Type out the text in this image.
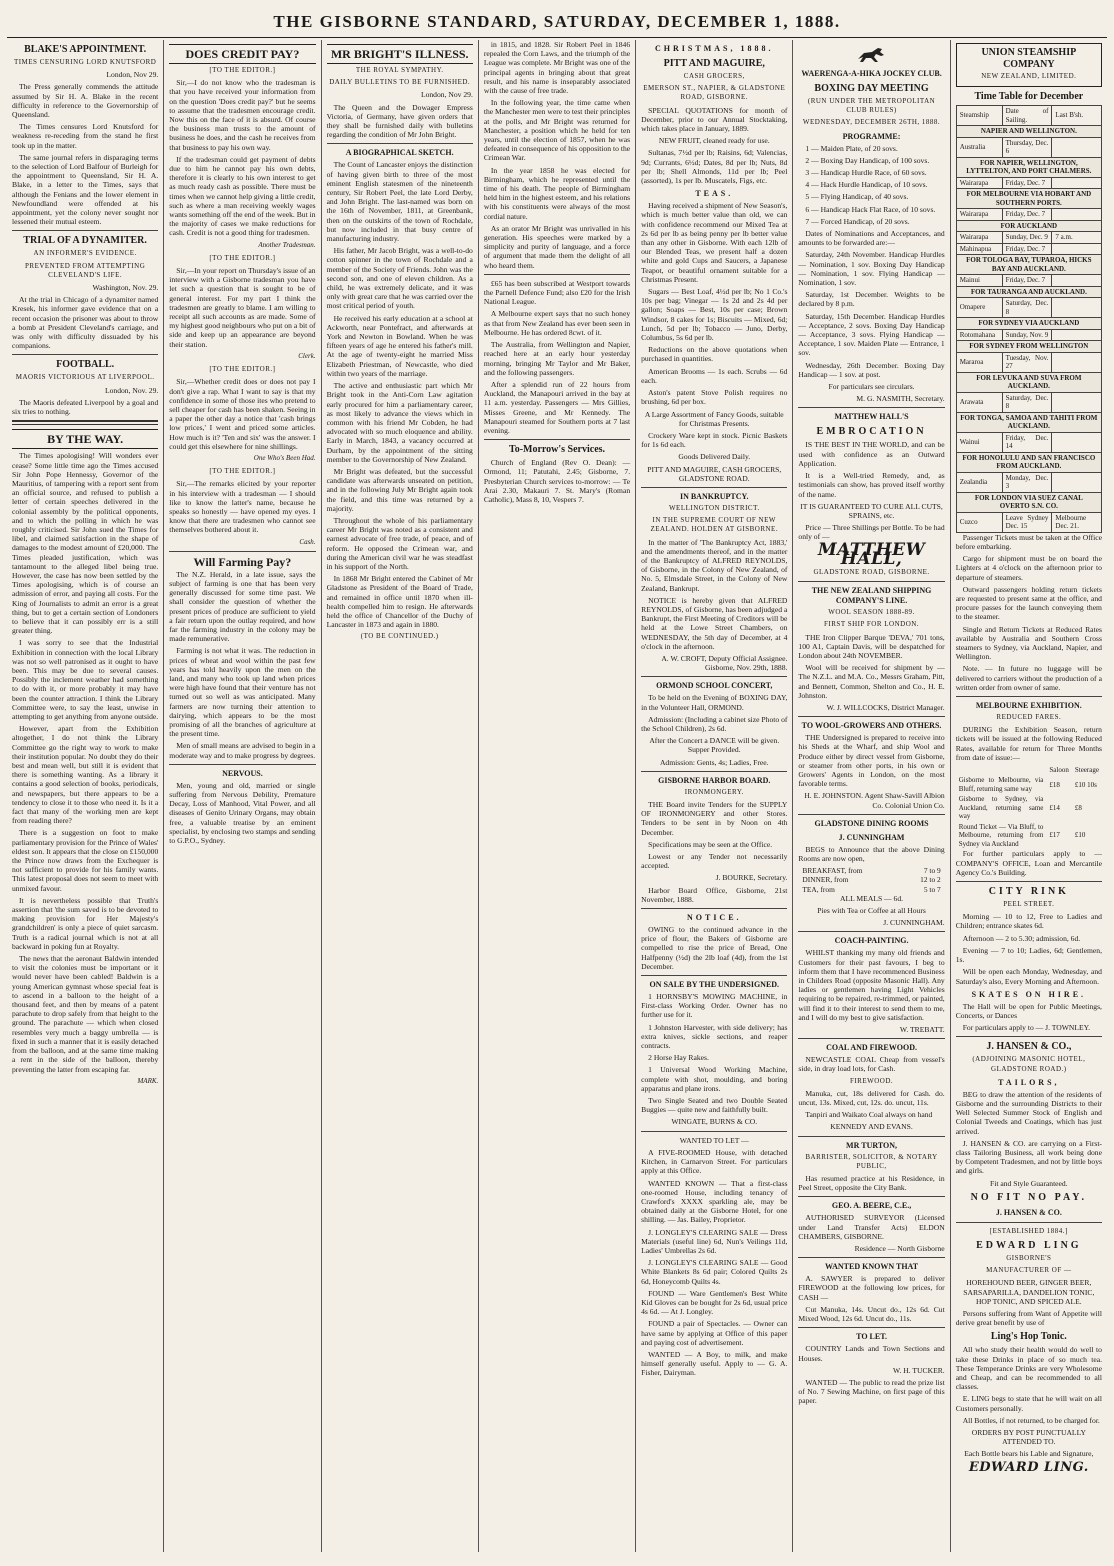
THE GISBORNE STANDARD, SATURDAY, DECEMBER 1, 1888.
BLAKE'S APPOINTMENT.
TIMES CENSURING LORD KNUTSFORD

London, Nov 29.

The Press generally commends the attitude assumed by Sir H. A. Blake in the recent difficulty in reference to the Governorship of Queensland.

The Times censures Lord Knutsford for weakness re-receding from the stand he first took up in the matter.

The same journal refers in disparaging terms to the selection of Lord Balfour of Burleigh for the appointment to Queensland, Sir H. A. Blake, in a letter to the Times, says that although the Fenians and the lower element in Newfoundland were offended at his appointment, yet the colony never sought nor lessened their mutual esteem.

TRIAL OF A DYNAMITER.
AN INFORMER'S EVIDENCE.
PREVENTED FROM ATTEMPTING CLEVELAND'S LIFE.

Washington, Nov. 29.

At the trial in Chicago of a dynamiter named Kresek, his informer gave evidence that on a recent occasion the prisoner was about to throw a bomb at President Cleveland's carriage, and was only with difficulty dissuaded by his companions.

FOOTBALL.
MAORIS VICTORIOUS AT LIVERPOOL.

London, Nov. 29.

The Maoris defeated Liverpool by a goal and six tries to nothing.

BY THE WAY.

The Times apologising! Will wonders ever cease? Some little time ago the Times accused Sir John Pope Hennessy, Governor of the Mauritius, of tampering with a report sent from an official source, and refused to publish a letter of certain speeches delivered in the colonial assembly by the political opponents, and to which the polling in which he was roughly criticised. Sir John sued the Times for libel, and claimed satisfaction in the shape of damages to the modest amount of £20,000. The Times pleaded justification, which was tantamount to the alleged libel being true. However, the case has now been settled by the Times apologising, which is of course an admission of error, and paying all costs. For the King of Journalists to admit an error is a great thing, but to get a certain section of Londoners to believe that it can possibly err is a still greater thing.

I was sorry to see that the Industrial Exhibition in connection with the local Library was not so well patronised as it ought to have been. This may be due to several causes. Possibly the inclement weather had something to do with it, or more probably it may have been the counter attraction. I think the Library Committee were, to say the least, unwise in attempting to get anything from anyone outside.

However, apart from the Exhibition altogether, I do not think the Library Committee go the right way to work to make their institution popular. No doubt they do their best and mean well, but still it is evident that there is something wanting. As a library it contains a good selection of books, periodicals, and newspapers, but there appears to be a tendency to close it to those who need it. Is it a fact that many of the working men are kept from reading there?

There is a suggestion on foot to make parliamentary provision for the Prince of Wales' eldest son. It appears that the close on £150,000 the Prince now draws from the Exchequer is not sufficient to provide for his family wants. This latest proposal does not seem to meet with unmixed favour.

It is nevertheless possible that Truth's assertion that 'the sum saved is to be devoted to making provision for Her Majesty's grandchildren' is only a piece of quiet sarcasm. Truth is a radical journal which is not at all backward in poking fun at Royalty.

The news that the aeronaut Baldwin intended to visit the colonies must be important or it would never have been cabled! Baldwin is a young American gymnast whose special feat is to ascend in a balloon to the height of a thousand feet, and then by means of a patent parachute to drop safely from that height to the ground. The parachute — which when closed resembles very much a baggy umbrella — is fixed in such a manner that it is easily detached from the balloon, and at the same time making a rent in the side of the balloon, thereby preventing the latter from escaping far.

MARK.
DOES CREDIT PAY?
[TO THE EDITOR.]

Sir,—I do not know who the tradesman is that you have received your information from on the question 'Does credit pay?' but he seems to assume that the tradesmen encourage credit. Now this on the face of it is absurd. Of course the business man trusts to the amount of business he does, and the cash he receives from that business to pay his own way.

If the tradesman could get payment of debts due to him he cannot pay his own debts, therefore it is clearly to his own interest to get as much ready cash as possible. There must be times when we cannot help giving a little credit, such as where a man receiving weekly wages wants something off the end of the week. But in the majority of cases we make reductions for cash. Credit is not a good thing for tradesmen.

Another Tradesman.
[TO THE EDITOR.]

Sir,—In your report on Thursday's issue of an interview with a Gisborne tradesman you have let such a question that is sought to be of general interest. For my part I think the tradesmen are greatly to blame. I am willing to receipt all such accounts as are made. Some of my highest good neighbours who put on a bit of side and keep up an appearance are beyond their station.

Clerk.
[TO THE EDITOR.]

Sir,—Whether credit does or does not pay I don't give a rap. What I want to say is that my confidence in some of those ites who pretend to sell cheaper for cash has been shaken. Seeing in a paper the other day a notice that 'cash brings low prices,' I went and priced some articles. How much is it? 'Ten and six' was the answer. I could get this elsewhere for nine shillings.

One Who's Been Had.
[TO THE EDITOR.]

Sir,—The remarks elicited by your reporter in his interview with a tradesman — I should like to know the latter's name, because he speaks so honestly — have opened my eyes. I know that there are tradesmen who cannot see themselves bothered about it.

Cash.
Will Farming Pay?

The N.Z. Herald, in a late issue, says the subject of farming is one that has been very generally discussed for some time past. We shall consider the question of whether the present prices of produce are sufficient to yield a fair return upon the outlay required, and how far the farming industry in the colony may be made remunerative.

Farming is not what it was. The reduction in prices of wheat and wool within the past few years has told heavily upon the men on the land, and many who took up land when prices were high have found that their venture has not turned out so well as was anticipated. Many farmers are now turning their attention to dairying, which appears to be the most promising of all the branches of agriculture at the present time.

Men of small means are advised to begin in a moderate way and to make progress by degrees.

NERVOUS.

Men, young and old, married or single suffering from Nervous Debility, Premature Decay, Loss of Manhood, Vital Power, and all diseases of Genito Urinary Organs, may obtain free, a valuable treatise by an eminent specialist, by enclosing two stamps and sending to G.P.O., Sydney.

MR BRIGHT'S ILLNESS.
THE ROYAL SYMPATHY.
DAILY BULLETINS TO BE FURNISHED.

London, Nov 29.

The Queen and the Dowager Empress Victoria, of Germany, have given orders that they shall be furnished daily with bulletins regarding the condition of Mr John Bright.

A BIOGRAPHICAL SKETCH.

The Count of Lancaster enjoys the distinction of having given birth to three of the most eminent English statesmen of the nineteenth century, Sir Robert Peel, the late Lord Derby, and John Bright. The last-named was born on the 16th of November, 1811, at Greenbank, then on the outskirts of the town of Rochdale, but now included in that busy centre of manufacturing industry.

His father, Mr Jacob Bright, was a well-to-do cotton spinner in the town of Rochdale and a member of the Society of Friends. John was the second son, and one of eleven children. As a child, he was extremely delicate, and it was only with great care that he was carried over the most critical period of youth.

He received his early education at a school at Ackworth, near Pontefract, and afterwards at York and Newton in Bowland. When he was fifteen years of age he entered his father's mill. At the age of twenty-eight he married Miss Elizabeth Priestman, of Newcastle, who died within two years of the marriage.

The active and enthusiastic part which Mr Bright took in the Anti-Corn Law agitation early procured for him a parliamentary career, as most likely to advance the views which in common with his friend Mr Cobden, he had advocated with so much eloquence and ability. Early in March, 1843, a vacancy occurred at Durham, by the appointment of the sitting member to the Governorship of New Zealand.

Mr Bright was defeated, but the successful candidate was afterwards unseated on petition, and in the following July Mr Bright again took the field, and this time was returned by a majority.

Throughout the whole of his parliamentary career Mr Bright was noted as a consistent and earnest advocate of free trade, of peace, and of reform. He opposed the Crimean war, and during the American civil war he was steadfast in his support of the North.

In 1868 Mr Bright entered the Cabinet of Mr Gladstone as President of the Board of Trade, and remained in office until 1870 when ill-health compelled him to resign. He afterwards held the office of Chancellor of the Duchy of Lancaster in 1873 and again in 1880.

(TO BE CONTINUED.)

in 1815, and 1828. Sir Robert Peel in 1846 repealed the Corn Laws, and the triumph of the League was complete. Mr Bright was one of the principal agents in bringing about that great result, and his name is inseparably associated with the cause of free trade.

In the following year, the time came when the Manchester men were to test their principles at the polls, and Mr Bright was returned for Manchester, a position which he held for ten years, until the election of 1857, when he was defeated in consequence of his opposition to the Crimean War.

In the year 1858 he was elected for Birmingham, which he represented until the time of his death. The people of Birmingham held him in the highest esteem, and his relations with his constituents were always of the most cordial nature.

As an orator Mr Bright was unrivalled in his generation. His speeches were marked by a simplicity and purity of language, and a force of argument that made them the delight of all who heard them.

£65 has been subscribed at Westport towards the Parnell Defence Fund; also £20 for the Irish National League.

A Melbourne expert says that no such honey as that from New Zealand has ever been seen in Melbourne. He has ordered 8cwt. of it.

The Australia, from Wellington and Napier, reached here at an early hour yesterday morning, bringing Mr Taylor and Mr Baker, and the following passengers.

After a splendid run of 22 hours from Auckland, the Manapouri arrived in the bay at 11 a.m. yesterday. Passengers — Mrs Gillies, Misses Greene, and Mr Kennedy. The Manapouri steamed for Southern ports at 7 last evening.

To-Morrow's Services.

Church of England (Rev O. Dean): — Ormond, 11; Patutahi, 2.45; Gisborne, 7. Presbyterian Church services to-morrow: — Te Arai 2.30, Makauri 7. St. Mary's (Roman Catholic), Mass 8, 10, Vespers 7.

CHRISTMAS, 1888.
PITT AND MAGUIRE,
CASH GROCERS,
EMERSON ST., NAPIER, & GLADSTONE ROAD, GISBORNE.

SPECIAL QUOTATIONS for month of December, prior to our Annual Stocktaking, which takes place in January, 1889.

NEW FRUIT, cleaned ready for use.

Sultanas, 7½d per lb; Raisins, 6d; Valencias, 9d; Currants, 6½d; Dates, 8d per lb; Nuts, 8d per lb; Shell Almonds, 11d per lb; Peel (assorted), 1s per lb. Muscatels, Figs, etc.

TEAS.

Having received a shipment of New Season's, which is much better value than old, we can with confidence recommend our Mixed Tea at 2s 6d per lb as being penny per lb better value than any other in Gisborne. With each 12lb of our Blended Teas, we present half a dozen white and gold Cups and Saucers, a Japanese Teapot, or beautiful ornament suitable for a Christmas Present.

Sugars — Best Loaf, 4½d per lb; No 1 Co.'s 10s per bag; Vinegar — 1s 2d and 2s 4d per gallon; Soaps — Best, 10s per case; Brown Windsor, 8 cakes for 1s; Biscuits — Mixed, 6d; Lunch, 5d per lb; Tobacco — Juno, Derby, Columbus, 5s 6d per lb.

Reductions on the above quotations when purchased in quantities.

American Brooms — 1s each. Scrubs — 6d each.

Aston's patent Stove Polish requires no brushing, 6d per box.

A Large Assortment of Fancy Goods, suitable for Christmas Presents.

Crockery Ware kept in stock. Picnic Baskets for 1s 6d each.

Goods Delivered Daily.

PITT AND MAGUIRE, CASH GROCERS, GLADSTONE ROAD.

IN BANKRUPTCY.
WELLINGTON DISTRICT.
IN THE SUPREME COURT OF NEW ZEALAND. HOLDEN AT GISBORNE.

In the matter of 'The Bankruptcy Act, 1883,' and the amendments thereof, and in the matter of the Bankruptcy of ALFRED REYNOLDS, of Gisborne, in the Colony of New Zealand, of No. 5, Elmsdale Street, in the Colony of New Zealand, Bankrupt.

NOTICE is hereby given that ALFRED REYNOLDS, of Gisborne, has been adjudged a Bankrupt, the First Meeting of Creditors will be held at the Lowe Street Chambers, on WEDNESDAY, the 5th day of December, at 4 o'clock in the afternoon.

A. W. CROFT, Deputy Official Assignee. Gisborne, Nov. 29th, 1888.

ORMOND SCHOOL CONCERT,

To be held on the Evening of BOXING DAY, in the Volunteer Hall, ORMOND.

Admission: (Including a cabinet size Photo of the School Children), 2s 6d.

After the Concert a DANCE will be given. Supper Provided.

Admission: Gents, 4s; Ladies, Free.

GISBORNE HARBOR BOARD.
IRONMONGERY.

THE Board invite Tenders for the SUPPLY OF IRONMONGERY and other Stores. Tenders to be sent in by Noon on 4th December.

Specifications may be seen at the Office.

Lowest or any Tender not necessarily accepted.

J. BOURKE, Secretary.

Harbor Board Office, Gisborne, 21st November, 1888.

NOTICE.

OWING to the continued advance in the price of flour, the Bakers of Gisborne are compelled to rise the price of Bread, One Halfpenny (½d) the 2lb loaf (4d), from the 1st December.

ON SALE BY THE UNDERSIGNED.

1 HORNSBY'S MOWING MACHINE, in First-class Working Order. Owner has no further use for it.

1 Johnston Harvester, with side delivery; has extra knives, sickle sections, and reaper contracts.

2 Horse Hay Rakes.

1 Universal Wood Working Machine, complete with shot, moulding, and boring apparatus and plane irons.

Two Single Seated and two Double Seated Buggies — quite new and faithfully built.

WINGATE, BURNS & CO.

WANTED TO LET —

A FIVE-ROOMED House, with detached Kitchen, in Carnarvon Street. For particulars apply at this Office.

WANTED KNOWN — That a first-class one-roomed House, including tenancy of Crawford's XXXX sparkling ale, may be obtained daily at the Gisborne Hotel, for one shilling. — Jas. Bailey, Proprietor.

J. LONGLEY'S CLEARING SALE — Dress Materials (useful line) 6d, Nun's Veilings 11d, Ladies' Umbrellas 2s 6d.

J. LONGLEY'S CLEARING SALE — Good White Blankets 8s 6d pair; Colored Quilts 2s 6d, Honeycomb Quilts 4s.

FOUND — Ware Gentlemen's Best White Kid Gloves can be bought for 2s 6d, usual price 4s 6d. — At J. Longley.

FOUND a pair of Spectacles. — Owner can have same by applying at Office of this paper and paying cost of advertisement.

WANTED — A Boy, to milk, and make himself generally useful. Apply to — G. A. Fisher, Dairyman.

WAERENGA-A-HIKA JOCKEY CLUB.
BOXING DAY MEETING
(RUN UNDER THE METROPOLITAN CLUB RULES)
WEDNESDAY, DECEMBER 26TH, 1888.
PROGRAMME:

1 — Maiden Plate, of 20 sovs.

2 — Boxing Day Handicap, of 100 sovs.

3 — Handicap Hurdle Race, of 60 sovs.

4 — Hack Hurdle Handicap, of 10 sovs.

5 — Flying Handicap, of 40 sovs.

6 — Handicap Hack Flat Race, of 10 sovs.

7 — Forced Handicap, of 20 sovs.

Dates of Nominations and Acceptances, and amounts to be forwarded are:—

Saturday, 24th November. Handicap Hurdles — Nomination, 1 sov. Boxing Day Handicap — Nomination, 1 sov. Flying Handicap — Nomination, 1 sov.

Saturday, 1st December. Weights to be declared by 8 p.m.

Saturday, 15th December. Handicap Hurdles — Acceptance, 2 sovs. Boxing Day Handicap — Acceptance, 3 sovs. Flying Handicap — Acceptance, 1 sov. Maiden Plate — Entrance, 1 sov.

Wednesday, 26th December. Boxing Day Handicap — 1 sov. at post.

For particulars see circulars.

M. G. NASMITH, Secretary.

MATTHEW HALL'S
EMBROCATION

IS THE BEST IN THE WORLD, and can be used with confidence as an Outward Application.

It is a Well-tried Remedy, and, as testimonials can show, has proved itself worthy of the name.

IT IS GUARANTEED TO CURE ALL CUTS, SPRAINS, etc.

Price — Three Shillings per Bottle. To be had only of —

MATTHEW HALL,
GLADSTONE ROAD, GISBORNE.
THE NEW ZEALAND SHIPPING COMPANY'S LINE.
WOOL SEASON 1888-89.
FIRST SHIP FOR LONDON.

THE Iron Clipper Barque 'DEVA,' 701 tons, 100 A1, Captain Davis, will be despatched for London about 24th NOVEMBER.

Wool will be received for shipment by — The N.Z.L. and M.A. Co., Messrs Graham, Pitt, and Bennett, Common, Shelton and Co., H. E. Johnston.

W. J. WILLCOCKS, District Manager.

TO WOOL-GROWERS AND OTHERS.

THE Undersigned is prepared to receive into his Sheds at the Wharf, and ship Wool and Produce either by direct vessel from Gisborne, or steamer from other ports, in his own or Growers' Agents in London, on the most favorable terms.

H. E. JOHNSTON. Agent Shaw-Savill Albion Co. Colonial Union Co.

GLADSTONE DINING ROOMS
J. CUNNINGHAM

BEGS to Announce that the above Dining Rooms are now open,

BREAKFAST, from	7 to 9
DINNER, from	12 to 2
TEA, from	5 to 7

ALL MEALS — 6d.

Pies with Tea or Coffee at all Hours

J. CUNNINGHAM.

COACH-PAINTING.

WHILST thanking my many old friends and Customers for their past favours, I beg to inform them that I have recommenced Business in Childers Road (opposite Masonic Hall). Any ladies or gentlemen having Light Vehicles requiring to be repaired, re-trimmed, or painted, will find it to their interest to send them to me, and I will do my best to give satisfaction.

W. TREBATT.

COAL AND FIREWOOD.

NEWCASTLE COAL Cheap from vessel's side, in dray load lots, for Cash.

FIREWOOD.

Manuka, cut, 18s delivered for Cash. do. uncut, 13s. Mixed, cut, 12s. do. uncut, 11s.

Tanpiri and Waikato Coal always on hand

KENNEDY AND EVANS.

MR TURTON,
BARRISTER, SOLICITOR, & NOTARY PUBLIC,

Has resumed practice at his Residence, in Peel Street, opposite the City Bank.

GEO. A. BEERE, C.E.,

AUTHORISED SURVEYOR (Licensed under Land Transfer Acts) ELDON CHAMBERS, GISBORNE.

Residence — North Gisborne

WANTED KNOWN THAT

A. SAWYER is prepared to deliver FIREWOOD at the following low prices, for CASH —

Cut Manuka, 14s. Uncut do., 12s 6d. Cut Mixed Wood, 12s 6d. Uncut do., 11s.

TO LET.

COUNTRY Lands and Town Sections and Houses.

W. H. TUCKER.

WANTED — The public to read the prize list of No. 7 Sewing Machine, on first page of this paper.

UNION STEAMSHIP COMPANY
NEW ZEALAND, LIMITED.
Time Table for December
Steamship	Date of Sailing.	Last B'sh.
NAPIER AND WELLINGTON.		
Australia	Thursday, Dec. 6	
FOR NAPIER, WELLINGTON, LYTTELTON, AND PORT CHALMERS.		
Wairarapa	Friday, Dec. 7	
FOR MELBOURNE VIA HOBART AND SOUTHERN PORTS.		
Wairarapa	Friday, Dec. 7	
FOR AUCKLAND		
Wairarapa	Sunday, Dec. 9	7 a.m.
Mahinapua	Friday, Dec. 7	
FOR TOLOGA BAY, TUPAROA, HICKS BAY AND AUCKLAND.		
Mainui	Friday, Dec. 7	
FOR TAURANGA AND AUCKLAND.		
Omapere	Saturday, Dec. 8	
FOR SYDNEY VIA AUCKLAND		
Rotomahana	Sunday, Nov. 9	
FOR SYDNEY FROM WELLINGTON		
Mararoa	Tuesday, Nov. 27	
FOR LEVUKA AND SUVA FROM AUCKLAND.		
Arawata	Saturday, Dec. 8	
FOR TONGA, SAMOA AND TAHITI FROM AUCKLAND.		
Wainui	Friday, Dec. 14	
FOR HONOLULU AND SAN FRANCISCO FROM AUCKLAND.		
Zealandia	Monday, Dec. 3	
FOR LONDON VIA SUEZ CANAL OVERTO S.N. CO.		
Cuzco	Leave Sydney Dec. 15	Melbourne Dec. 21.

Passenger Tickets must be taken at the Office before embarking.

Cargo for shipment must be on board the Lighters at 4 o'clock on the afternoon prior to departure of steamers.

Outward passengers holding return tickets are requested to present same at the office, and procure passes for the launch conveying them to the steamer.

Single and Return Tickets at Reduced Rates available by Australia and Southern Cross steamers to Sydney, via Auckland, Napier, and Wellington.

Note. — In future no luggage will be delivered to carriers without the production of a written order from owner of same.

MELBOURNE EXHIBITION.
REDUCED FARES.

DURING the Exhibition Season, return tickets will be issued at the following Reduced Rates, available for return for Three Months from date of issue:—

	Saloon	Steerage
Gisborne to Melbourne, via Bluff, returning same way	£18	£10 10s
Gisborne to Sydney, via Auckland, returning same way	£14	£8
Round Ticket — Via Bluff, to Melbourne, returning from Sydney via Auckland	£17	£10

For further particulars apply to — COMPANY'S OFFICE, Loan and Mercantile Agency Co.'s Building.

CITY RINK
PEEL STREET.

Morning — 10 to 12, Free to Ladies and Children; entrance skates 6d.

Afternoon — 2 to 5.30; admission, 6d.

Evening — 7 to 10; Ladies, 6d; Gentlemen, 1s.

Will be open each Monday, Wednesday, and Saturday's also, Every Morning and Afternoon.

SKATES ON HIRE.

The Hall will be open for Public Meetings, Concerts, or Dances

For particulars apply to — J. TOWNLEY.

J. HANSEN & CO.,
(ADJOINING MASONIC HOTEL, GLADSTONE ROAD.)
TAILORS,

BEG to draw the attention of the residents of Gisborne and the surrounding Districts to their Well Selected Summer Stock of English and Colonial Tweeds and Coatings, which has just arrived.

J. HANSEN & CO. are carrying on a First-class Tailoring Business, all work being done by Competent Tradesmen, and not by little boys and girls.

Fit and Style Guaranteed.

NO FIT NO PAY.
J. HANSEN & CO.
[ESTABLISHED 1884.]
EDWARD LING
GISBORNE'S
MANUFACTURER OF —

HOREHOUND BEER, GINGER BEER, SARSAPARILLA, DANDELION TONIC, HOP TONIC, AND SPICED ALE.

Persons suffering from Want of Appetite will derive great benefit by use of

Ling's Hop Tonic.

All who study their health would do well to take these Drinks in place of so much tea. These Temperance Drinks are very Wholesome and Cheap, and can be recommended to all classes.

E. LING begs to state that he will wait on all Customers personally.

All Bottles, if not returned, to be charged for.

ORDERS BY POST PUNCTUALLY ATTENDED TO.

Each Bottle bears his Lable and Signature,

EDWARD LING.
